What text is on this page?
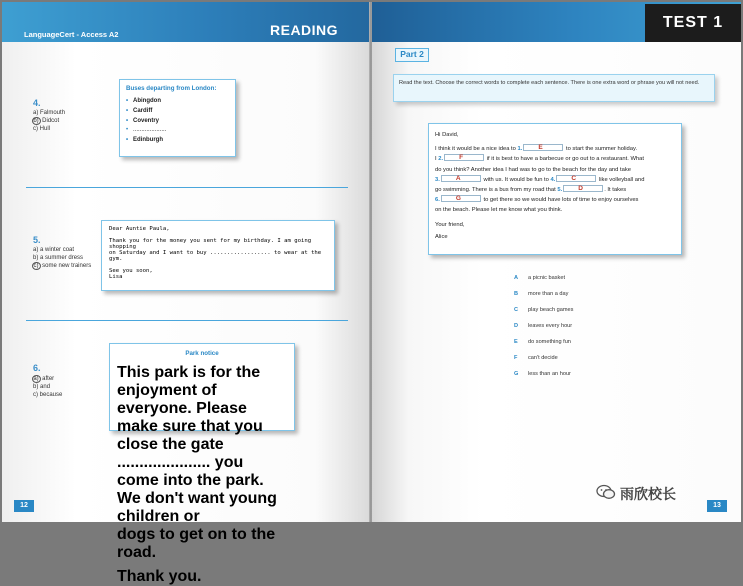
LanguageCert - Access A2	READING
4.
a) Falmouth
b) Didcot
c) Hull
Buses departing from London:
• Abingdon
• Cardiff
• Coventry
• ....................
• Edinburgh
5.
a) a winter coat
b) a summer dress
c) some new trainers
Dear Auntie Paula,
Thank you for the money you sent for my birthday. I am going shopping
on Saturday and I want to buy .................. to wear at the gym.
See you soon,
Lisa
6.
a) after
b) and
c) because
Park notice
This park is for the enjoyment of everyone. Please
make sure that you close the gate ..................... you
come into the park. We don't want young children or
dogs to get on to the road.
Thank you.
12
TEST 1
Part 2
Read the text. Choose the correct words to complete each sentence. There is one extra word or phrase you will not need.
Hi David,
I think it would be a nice idea to 1. E	to start the summer holiday.
I 2. F	if it is best to have a barbecue or go out to a restaurant. What
do you think? Another idea I had was to go to the beach for the day and take
3. A	with us. It would be fun to 4. C	like volleyball and
go swimming. There is a bus from my road that 5. D	. It takes
6. G	to get there so we would have lots of time to enjoy ourselves
on the beach. Please let me know what you think.
Your friend,
Alice
A a picnic basket
B more than a day
C play beach games
D leaves every hour
E do something fun
F can't decide
G less than an hour
雨欣校长
13
